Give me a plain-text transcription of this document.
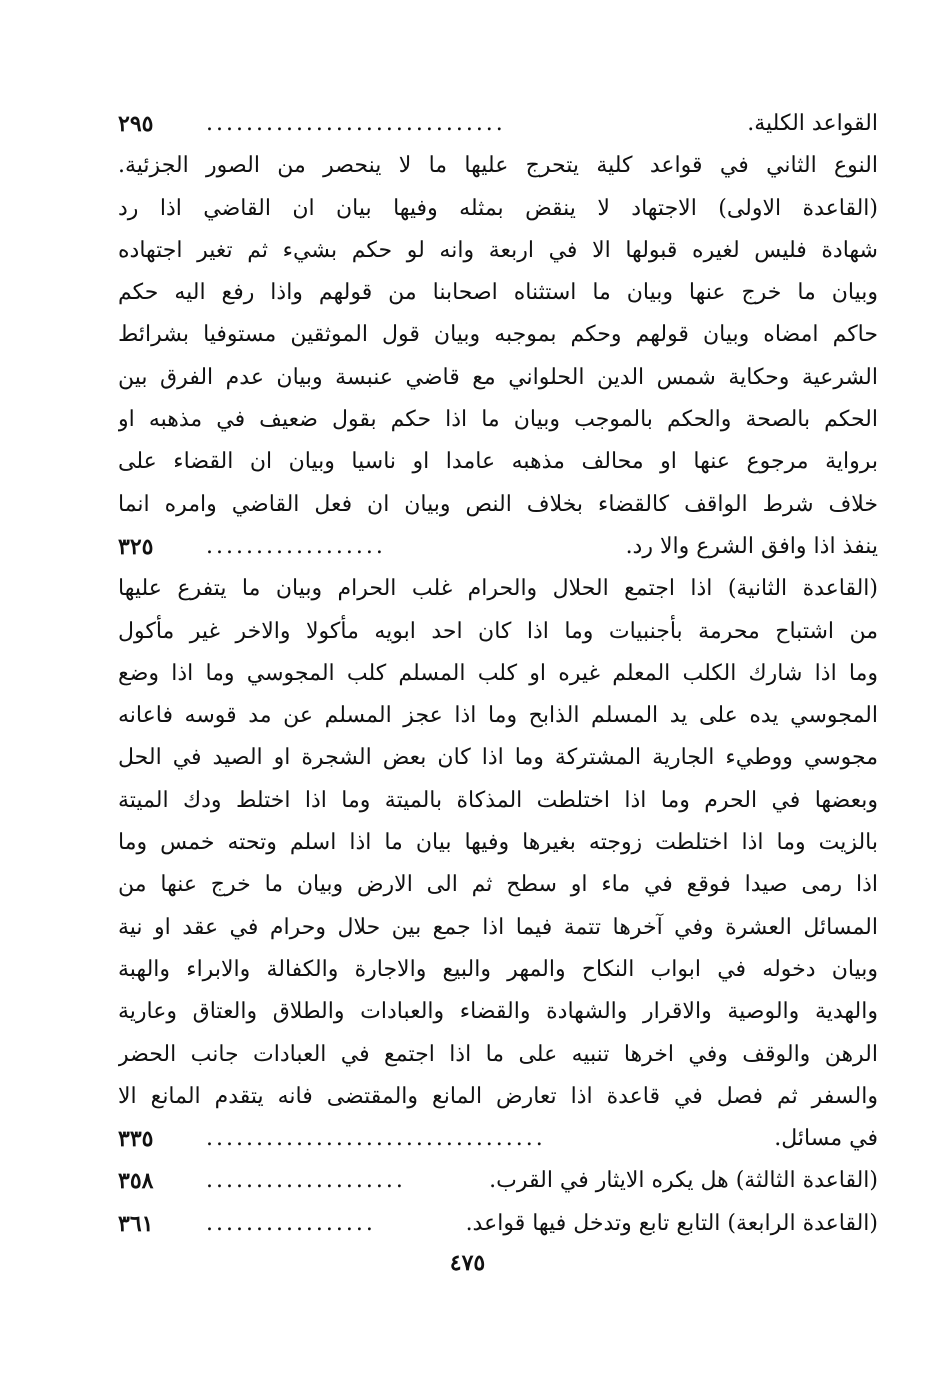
القواعد الكلية.
..............................
٢٩٥
النوع الثاني في قواعد كلية يتحرج عليها ما لا ينحصر من الصور الجزئية.
(القاعدة الاولى) الاجتهاد لا ينقض بمثله وفيها بيان ان القاضي اذا رد
شهادة فليس لغيره قبولها الا في اربعة وانه لو حكم بشيء ثم تغير اجتهاده
وبيان ما خرج عنها وبيان ما استثناه اصحابنا من قولهم واذا رفع اليه حكم
حاكم امضاه وبيان قولهم وحكم بموجبه وبيان قول الموثقين مستوفيا بشرائط
الشرعية وحكاية شمس الدين الحلواني مع قاضي عنبسة وبيان عدم الفرق بين
الحكم بالصحة والحكم بالموجب وبيان ما اذا حكم بقول ضعيف في مذهبه او
برواية مرجوع عنها او محالف مذهبه عامدا او ناسيا وبيان ان القضاء على
خلاف شرط الواقف كالقضاء بخلاف النص وبيان ان فعل القاضي وامره انما
ينفذ اذا وافق الشرع والا رد.
..................
٣٢٥
(القاعدة الثانية) اذا اجتمع الحلال والحرام غلب الحرام وبيان ما يتفرع عليها
من اشتباح محرمة بأجنبيات وما اذا كان احد ابويه مأكولا والاخر غير مأكول
وما اذا شارك الكلب المعلم غيره او كلب المسلم كلب المجوسي وما اذا وضع
المجوسي يده على يد المسلم الذابح وما اذا عجز المسلم عن مد قوسه فاعانه
مجوسي ووطيء الجارية المشتركة وما اذا كان بعض الشجرة او الصيد في الحل
وبعضها في الحرم وما اذا اختلطت المذكاة بالميتة وما اذا اختلط ودك الميتة
بالزيت وما اذا اختلطت زوجته بغيرها وفيها بيان ما اذا اسلم وتحته خمس وما
اذا رمى صيدا فوقع في ماء او سطح ثم الى الارض وبيان ما خرج عنها من
المسائل العشرة وفي آخرها تتمة فيما اذا جمع بين حلال وحرام في عقد او نية
وبيان دخوله في ابواب النكاح والمهر والبيع والاجارة والكفالة والابراء والهبة
والهدية والوصية والاقرار والشهادة والقضاء والعبادات والطلاق والعتاق وعارية
الرهن والوقف وفي اخرها تنبيه على ما اذا اجتمع في العبادات جانب الحضر
والسفر ثم فصل في قاعدة اذا تعارض المانع والمقتضى فانه يتقدم المانع الا
في مسائل.
..................................
٣٣٥
(القاعدة الثالثة) هل يكره الايثار في القرب.
....................
٣٥٨
(القاعدة الرابعة) التابع تابع وتدخل فيها قواعد.
.................
٣٦١
٤٧٥
